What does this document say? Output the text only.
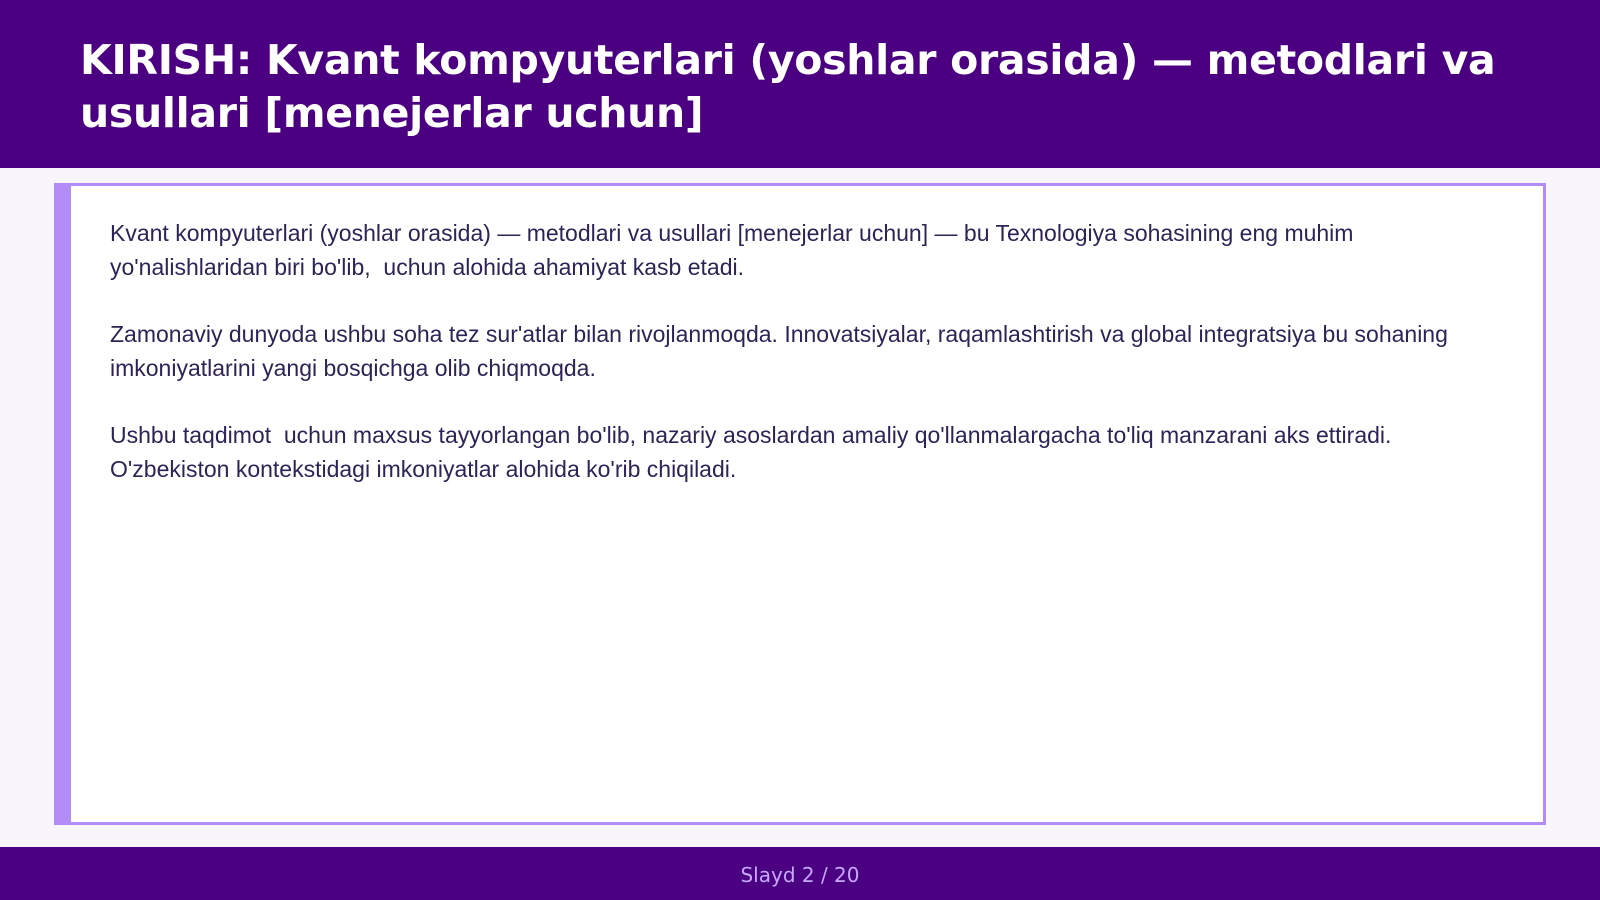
KIRISH: Kvant kompyuterlari (yoshlar orasida) — metodlari va usullari [menejerlar uchun]

Kvant kompyuterlari (yoshlar orasida) — metodlari va usullari [menejerlar uchun] — bu Texnologiya sohasining eng muhim yo'nalishlaridan biri bo'lib,  uchun alohida ahamiyat kasb etadi.

Zamonaviy dunyoda ushbu soha tez sur'atlar bilan rivojlanmoqda. Innovatsiyalar, raqamlashtirish va global integratsiya bu sohaning imkoniyatlarini yangi bosqichga olib chiqmoqda.

Ushbu taqdimot  uchun maxsus tayyorlangan bo'lib, nazariy asoslardan amaliy qo'llanmalargacha to'liq manzarani aks ettiradi. O'zbekiston kontekstidagi imkoniyatlar alohida ko'rib chiqiladi.

Slayd 2 / 20
